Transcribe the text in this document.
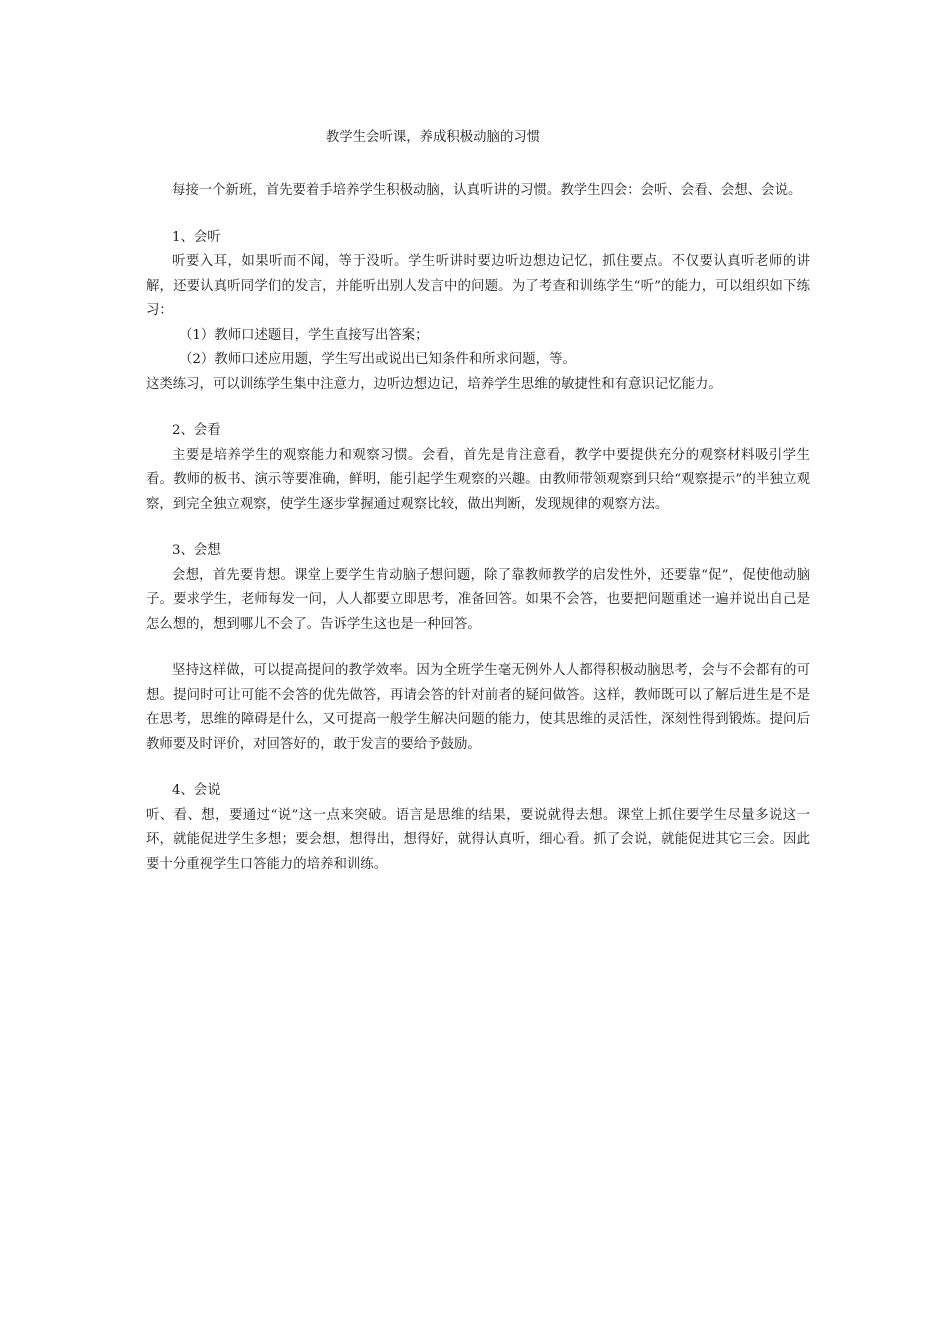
教学生会听课，养成积极动脑的习惯

每接一个新班，首先要着手培养学生积极动脑，认真听讲的习惯。教学生四会：会听、会看、会想、会说。

1、会听

听要入耳，如果听而不闻，等于没听。学生听讲时要边听边想边记忆，抓住要点。不仅要认真听老师的讲解，还要认真听同学们的发言，并能听出别人发言中的问题。为了考查和训练学生“听”的能力，可以组织如下练习：

（1）教师口述题目，学生直接写出答案；

（2）教师口述应用题，学生写出或说出已知条件和所求问题，等。

这类练习，可以训练学生集中注意力，边听边想边记，培养学生思维的敏捷性和有意识记忆能力。

2、会看

主要是培养学生的观察能力和观察习惯。会看，首先是肯注意看，教学中要提供充分的观察材料吸引学生看。教师的板书、演示等要准确，鲜明，能引起学生观察的兴趣。由教师带领观察到只给“观察提示”的半独立观察，到完全独立观察，使学生逐步掌握通过观察比较，做出判断，发现规律的观察方法。

3、会想

会想，首先要肯想。课堂上要学生肯动脑子想问题，除了靠教师教学的启发性外，还要靠“促”，促使他动脑子。要求学生，老师每发一问，人人都要立即思考，准备回答。如果不会答，也要把问题重述一遍并说出自己是怎么想的，想到哪儿不会了。告诉学生这也是一种回答。

坚持这样做，可以提高提问的教学效率。因为全班学生毫无例外人人都得积极动脑思考，会与不会都有的可想。提问时可让可能不会答的优先做答，再请会答的针对前者的疑问做答。这样，教师既可以了解后进生是不是在思考，思维的障碍是什么，又可提高一般学生解决问题的能力，使其思维的灵活性，深刻性得到锻炼。提问后教师要及时评价，对回答好的，敢于发言的要给予鼓励。

4、会说

听、看、想，要通过“说”这一点来突破。语言是思维的结果，要说就得去想。课堂上抓住要学生尽量多说这一环，就能促进学生多想；要会想，想得出，想得好，就得认真听，细心看。抓了会说，就能促进其它三会。因此要十分重视学生口答能力的培养和训练。
